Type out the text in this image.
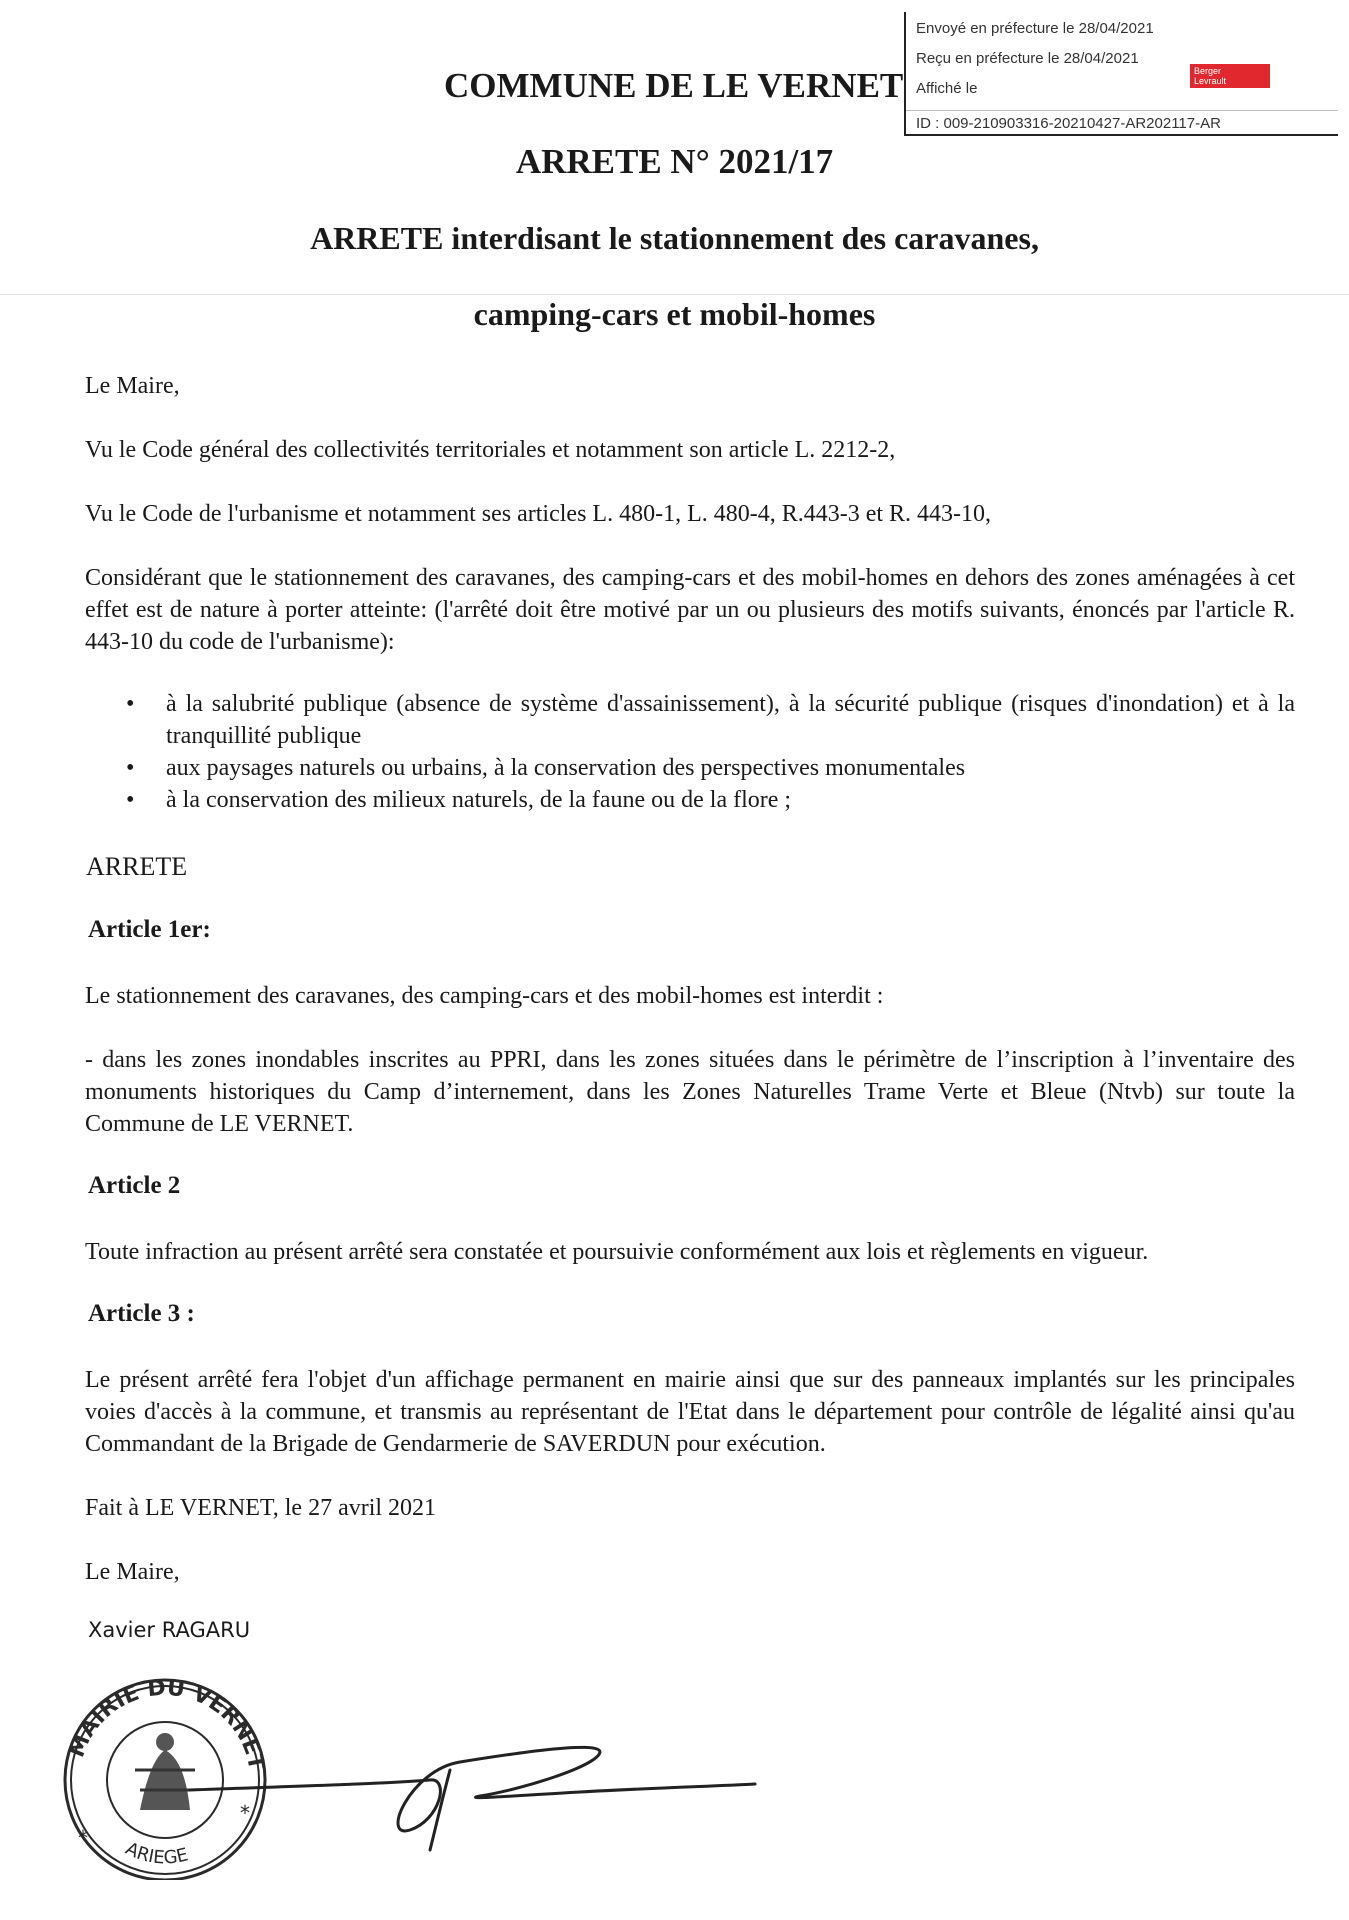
Envoyé en préfecture le 28/04/2021
Reçu en préfecture le 28/04/2021
Affiché le
Berger
Levrault
ID : 009-210903316-20210427-AR202117-AR
COMMUNE DE LE VERNET
ARRETE N° 2021/17
ARRETE interdisant le stationnement des caravanes,
camping-cars et mobil-homes
Le Maire,
Vu le Code général des collectivités territoriales et notamment son article L. 2212-2,
Vu le Code de l'urbanisme et notamment ses articles L. 480-1, L. 480-4, R.443-3 et R. 443-10,
Considérant que le stationnement des caravanes, des camping-cars et des mobil-homes en dehors des zones aménagées à cet effet est de nature à porter atteinte: (l'arrêté doit être motivé par un ou plusieurs des motifs suivants, énoncés par l'article R. 443-10 du code de l'urbanisme):
• à la salubrité publique (absence de système d'assainissement), à la sécurité publique (risques d'inondation) et à la tranquillité publique
• aux paysages naturels ou urbains, à la conservation des perspectives monumentales
• à la conservation des milieux naturels, de la faune ou de la flore ;
ARRETE
Article 1er:
Le stationnement des caravanes, des camping-cars et des mobil-homes est interdit :
- dans les zones inondables inscrites au PPRI, dans les zones situées dans le périmètre de l’inscription à l’inventaire des monuments historiques du Camp d’internement, dans les Zones Naturelles Trame Verte et Bleue (Ntvb) sur toute la Commune de LE VERNET.
Article 2
Toute infraction au présent arrêté sera constatée et poursuivie conformément aux lois et règlements en vigueur.
Article 3 :
Le présent arrêté fera l'objet d'un affichage permanent en mairie ainsi que sur des panneaux implantés sur les principales voies d'accès à la commune, et transmis au représentant de l'Etat dans le département pour contrôle de légalité ainsi qu'au Commandant de la Brigade de Gendarmerie de SAVERDUN pour exécution.
Fait à LE VERNET, le 27 avril 2021
Le Maire,
Xavier RAGARU
MAIRIE DU VERNET
ARIEGE
*
*
